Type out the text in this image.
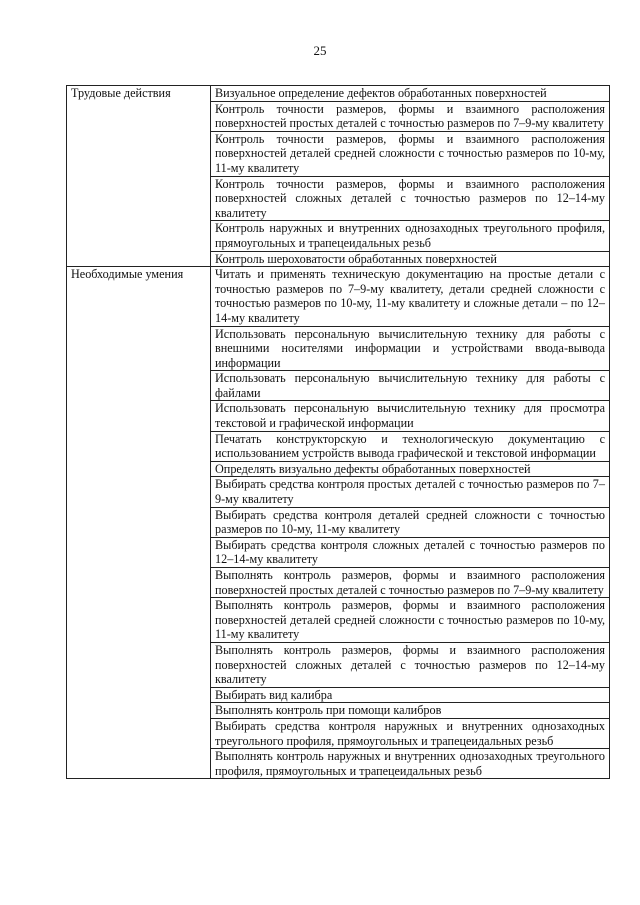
25
Трудовые действия	Визуальное определение дефектов обработанных поверхностей
	Контроль точности размеров, формы и взаимного расположения поверхностей простых деталей с точностью размеров по 7–9-му квалитету
	Контроль точности размеров, формы и взаимного расположения поверхностей деталей средней сложности с точностью размеров по 10-му, 11-му квалитету
	Контроль точности размеров, формы и взаимного расположения поверхностей сложных деталей с точностью размеров по 12–14-му квалитету
	Контроль наружных и внутренних однозаходных треугольного профиля, прямоугольных и трапецеидальных резьб
	Контроль шероховатости обработанных поверхностей
Необходимые умения	Читать и применять техническую документацию на простые детали с точностью размеров по 7–9-му квалитету, детали средней сложности с точностью размеров по 10-му, 11-му квалитету и сложные детали – по 12–14-му квалитету
	Использовать персональную вычислительную технику для работы с внешними носителями информации и устройствами ввода-вывода информации
	Использовать персональную вычислительную технику для работы с файлами
	Использовать персональную вычислительную технику для просмотра текстовой и графической информации
	Печатать конструкторскую и технологическую документацию с использованием устройств вывода графической и текстовой информации
	Определять визуально дефекты обработанных поверхностей
	Выбирать средства контроля простых деталей с точностью размеров по 7–9-му квалитету
	Выбирать средства контроля деталей средней сложности с точностью размеров по 10-му, 11-му квалитету
	Выбирать средства контроля сложных деталей с точностью размеров по 12–14-му квалитету
	Выполнять контроль размеров, формы и взаимного расположения поверхностей простых деталей с точностью размеров по 7–9-му квалитету
	Выполнять контроль размеров, формы и взаимного расположения поверхностей деталей средней сложности с точностью размеров по 10-му, 11-му квалитету
	Выполнять контроль размеров, формы и взаимного расположения поверхностей сложных деталей с точностью размеров по 12–14-му квалитету
	Выбирать вид калибра
	Выполнять контроль при помощи калибров
	Выбирать средства контроля наружных и внутренних однозаходных треугольного профиля, прямоугольных и трапецеидальных резьб
	Выполнять контроль наружных и внутренних однозаходных треугольного профиля, прямоугольных и трапецеидальных резьб
